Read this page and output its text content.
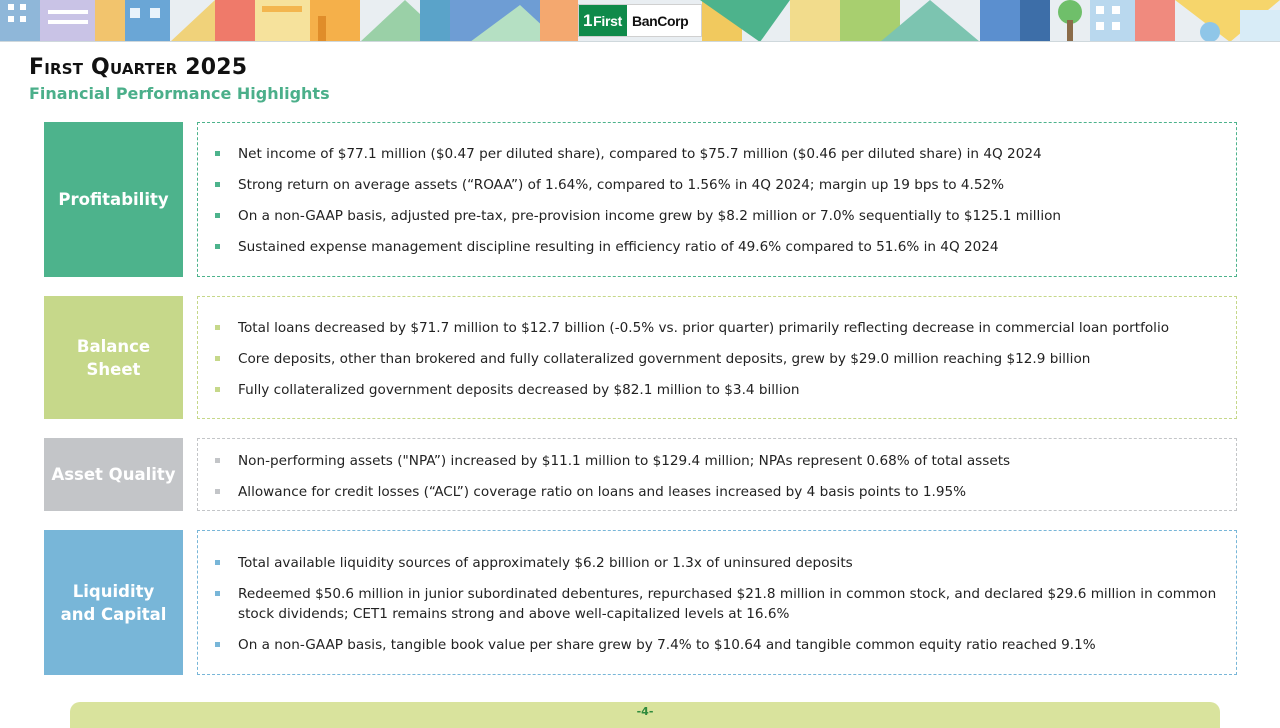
1 First BanCorp
First Quarter 2025
Financial Performance Highlights
Profitability
Net income of $77.1 million ($0.47 per diluted share), compared to $75.7 million ($0.46 per diluted share) in 4Q 2024
Strong return on average assets (“ROAA”) of 1.64%, compared to 1.56% in 4Q 2024; margin up 19 bps to 4.52%
On a non-GAAP basis, adjusted pre-tax, pre-provision income grew by $8.2 million or 7.0% sequentially to $125.1 million
Sustained expense management discipline resulting in efficiency ratio of 49.6% compared to 51.6% in 4Q 2024
Balance Sheet
Total loans decreased by $71.7 million to $12.7 billion (-0.5% vs. prior quarter) primarily reflecting decrease in commercial loan portfolio
Core deposits, other than brokered and fully collateralized government deposits, grew by $29.0 million reaching $12.9 billion
Fully collateralized government deposits decreased by $82.1 million to $3.4 billion
Asset Quality
Non-performing assets ("NPA”) increased by $11.1 million to $129.4 million; NPAs represent 0.68% of total assets
Allowance for credit losses (“ACL”) coverage ratio on loans and leases increased by 4 basis points to 1.95%
Liquidity and Capital
Total available liquidity sources of approximately $6.2 billion or 1.3x of uninsured deposits
Redeemed $50.6 million in junior subordinated debentures, repurchased $21.8 million in common stock, and declared $29.6 million in common stock dividends; CET1 remains strong and above well-capitalized levels at 16.6%
On a non-GAAP basis, tangible book value per share grew by 7.4% to $10.64 and tangible common equity ratio reached 9.1%
-4-
